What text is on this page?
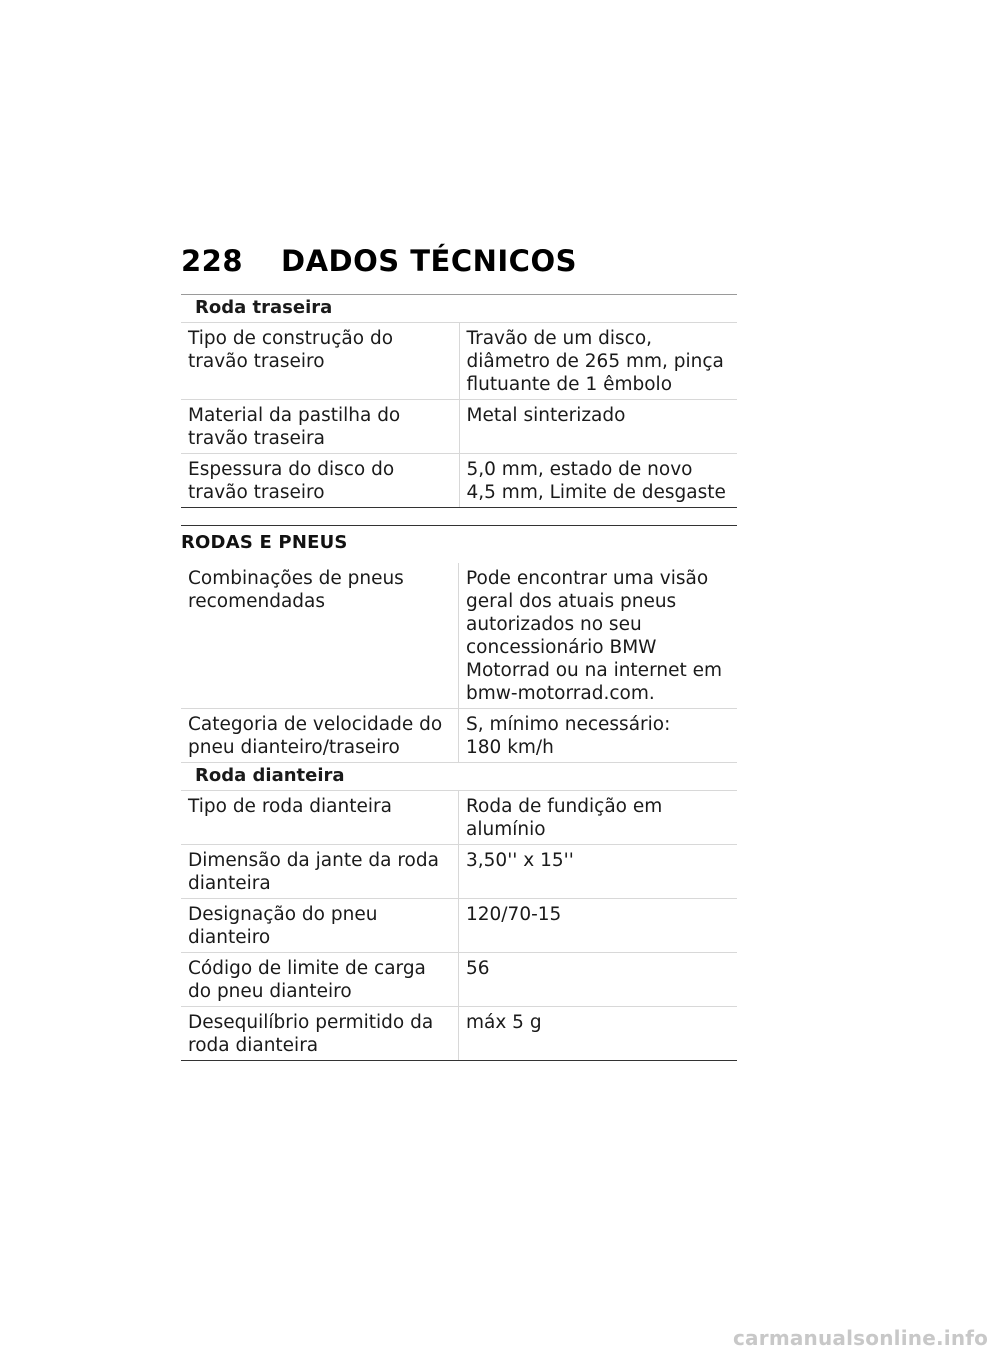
228 DADOS TÉCNICOS
Roda traseira	
Tipo de construção do travão traseiro	Travão de um disco, diâmetro de 265 mm, pinça flutuante de 1 êmbolo
Material da pastilha do travão traseira	Metal sinterizado
Espessura do disco do travão traseiro	5,0 mm, estado de novo
4,5 mm, Limite de desgaste
RODAS E PNEUS
Combinações de pneus recomendadas	Pode encontrar uma visão geral dos atuais pneus autorizados no seu concessionário BMW Motorrad ou na internet em bmw-motorrad.com.
Categoria de velocidade do pneu dianteiro/traseiro	S, mínimo necessário:
180 km/h

Roda dianteira	
Tipo de roda dianteira	Roda de fundição em alumínio
Dimensão da jante da roda dianteira	3,50'' x 15''
Designação do pneu dianteiro	120/70-15
Código de limite de carga do pneu dianteiro	56
Desequilíbrio permitido da roda dianteira	máx 5 g
carmanualsonline.info
